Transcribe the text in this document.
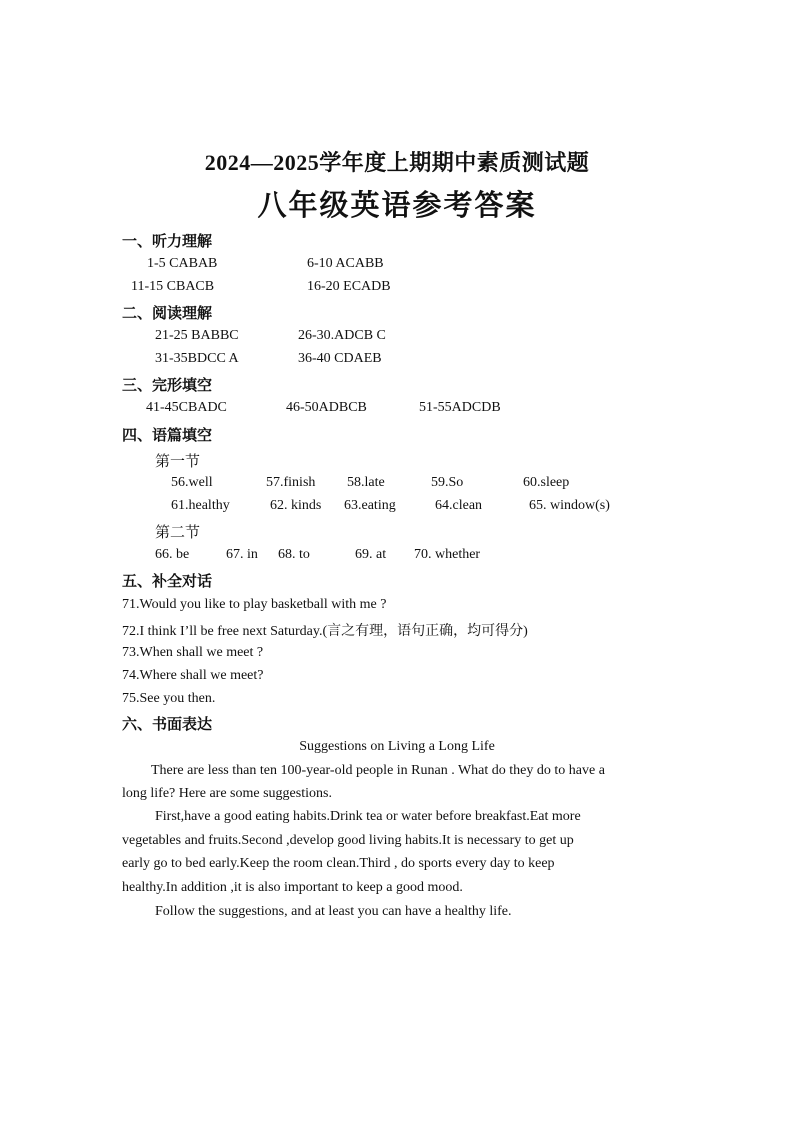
2024—2025学年度上期期中素质测试题
八年级英语参考答案
一、听力理解
1-5 CABAB	6-10 ACABB
11-15 CBACB	16-20 ECADB
二、阅读理解
21-25 BABBC	26-30.ADCB C
31-35BDCC A	36-40 CDAEB
三、完形填空
41-45CBADC	46-50ADBCB	51-55ADCDB
四、语篇填空
第一节
56.well	57.finish 58.late	59.So	60.sleep
61.healthy	62. kinds 63.eating	64.clean	65. window(s)
第二节
66. be	67. in 68. to	69. at 70. whether
五、补全对话
71.Would you like to play basketball with me ?
72.I think I’ll be free next Saturday.(言之有理，语句正确，均可得分)
73.When shall we meet ?
74.Where shall we meet?
75.See you then.
六、书面表达
Suggestions on Living a Long Life
There are less than ten 100-year-old people in Runan . What do they do to have a
long life? Here are some suggestions.
First,have a good eating habits.Drink tea or water before breakfast.Eat more
vegetables and fruits.Second ,develop good living habits.It is necessary to get up
early go to bed early.Keep the room clean.Third , do sports every day to keep
healthy.In addition ,it is also important to keep a good mood.
Follow the suggestions, and at least you can have a healthy life.
